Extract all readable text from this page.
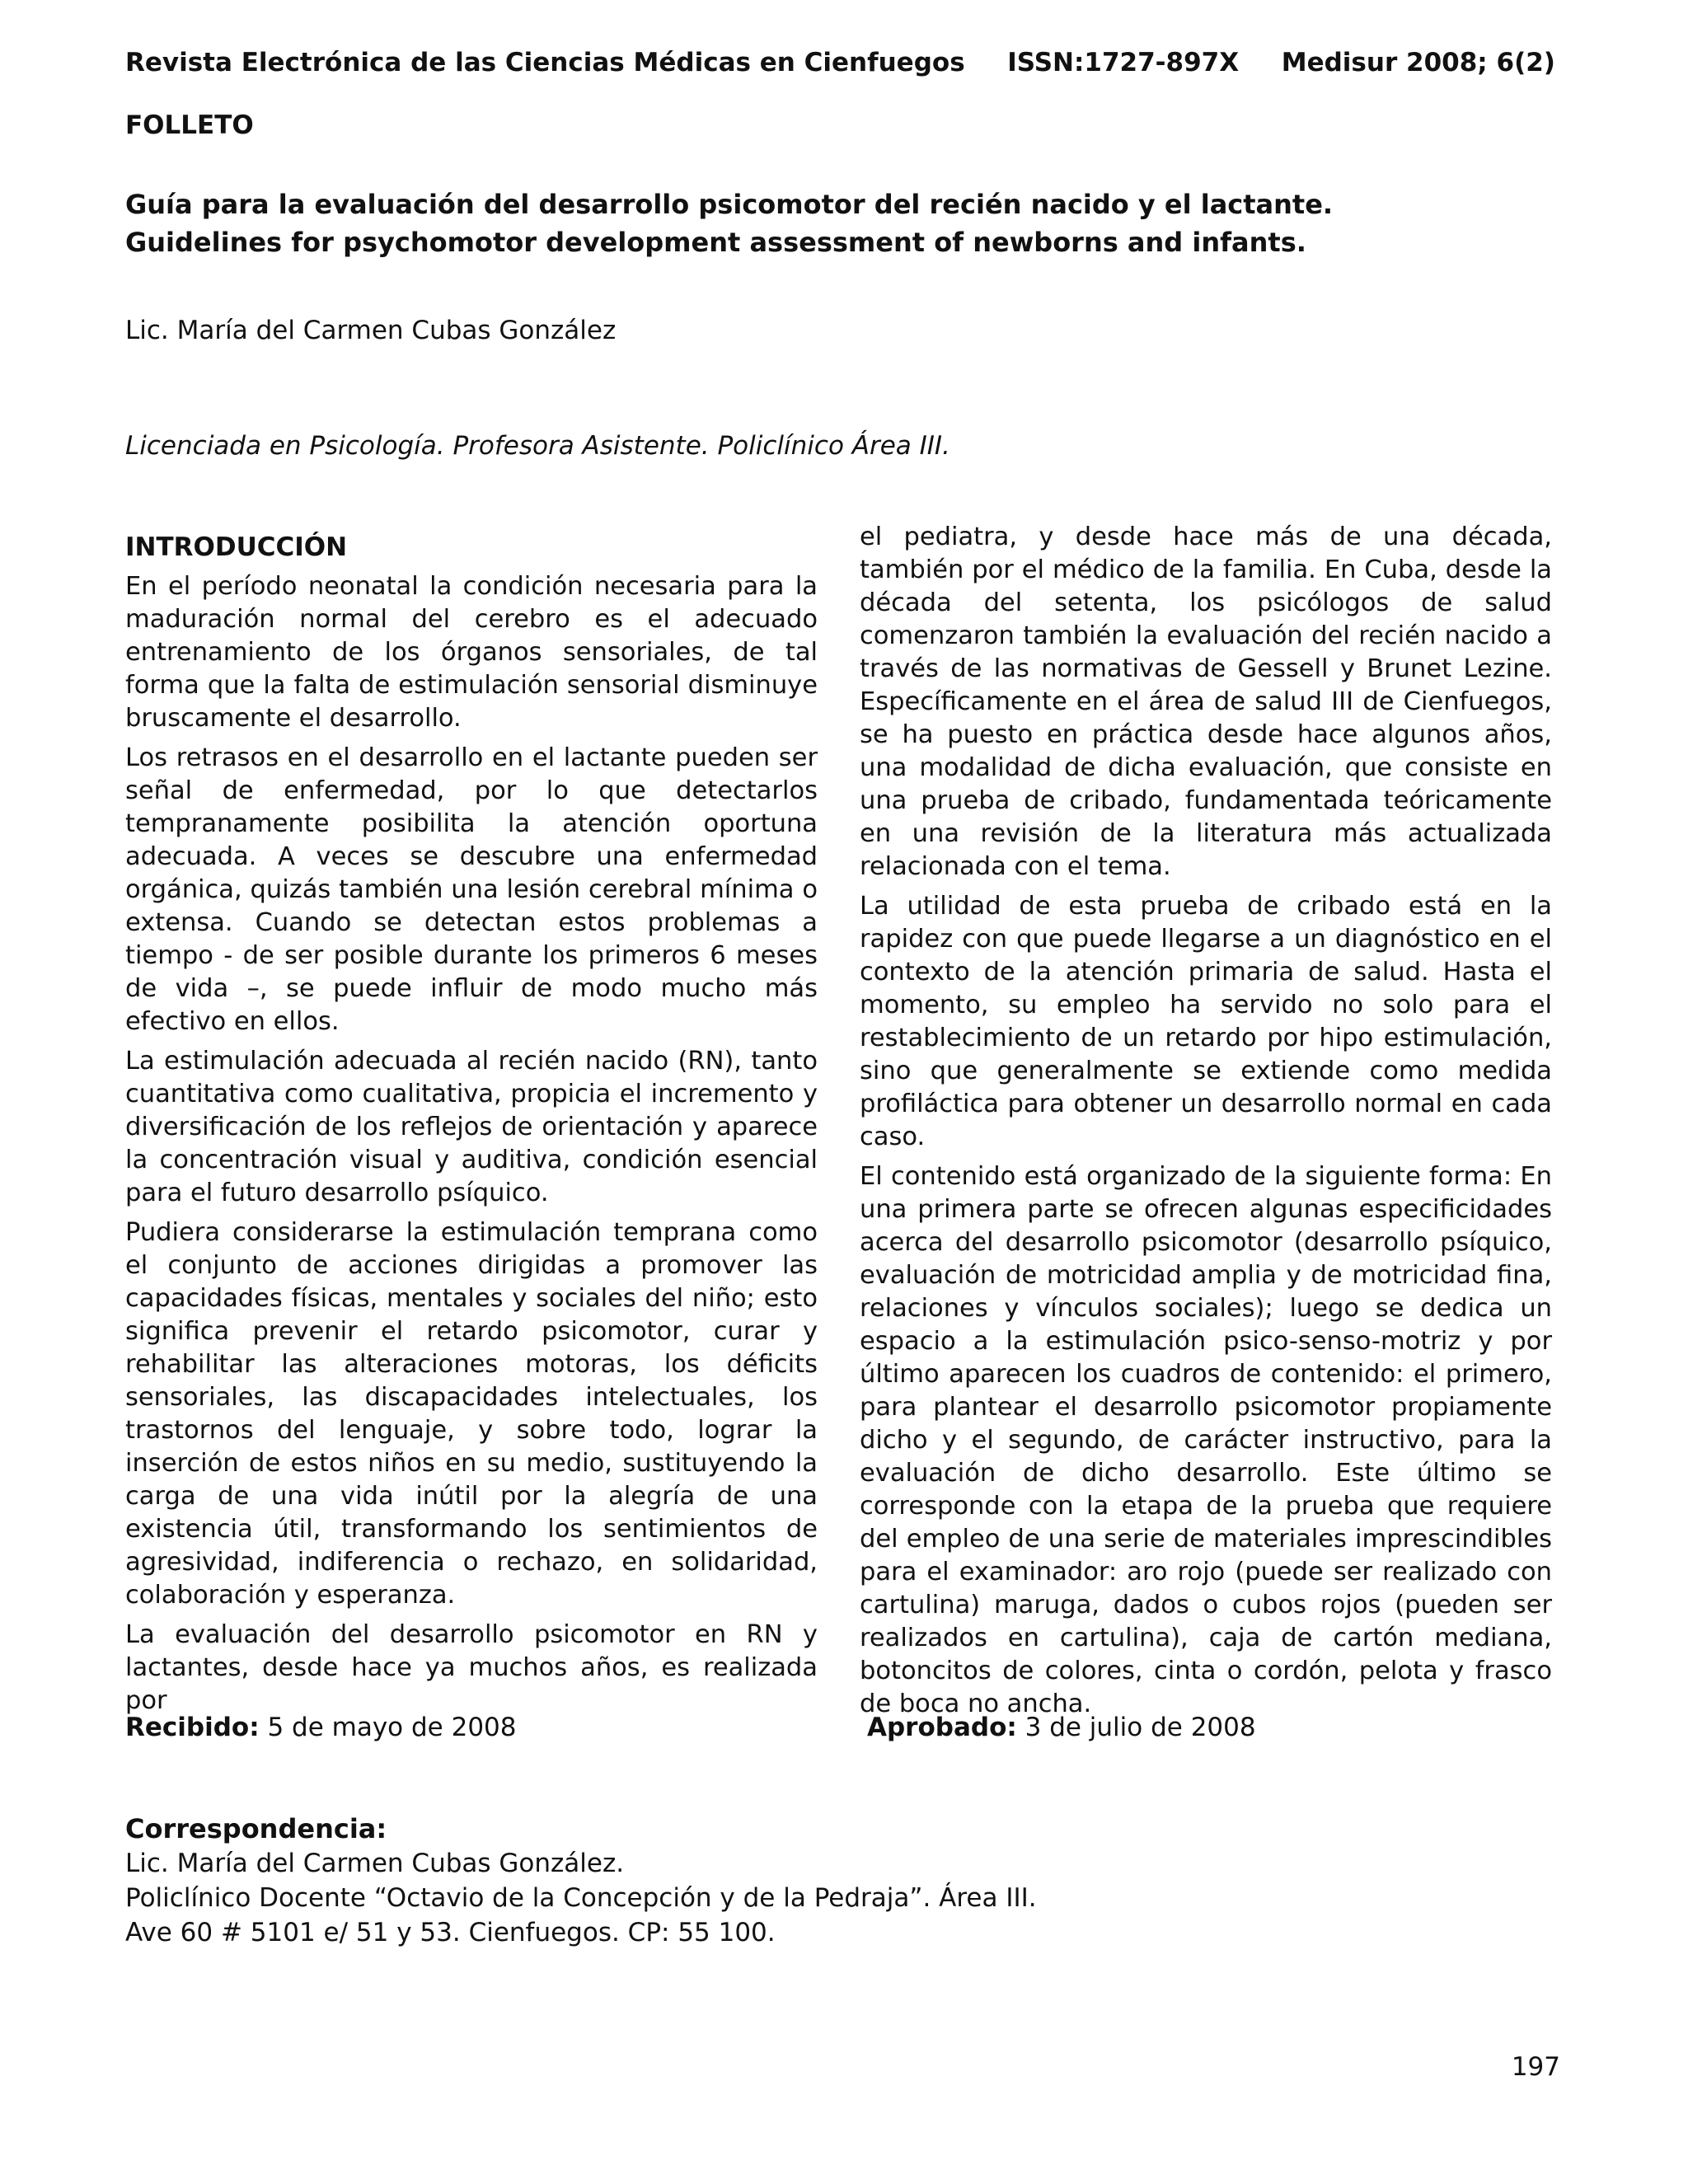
Revista Electrónica de las Ciencias Médicas en Cienfuegos ISSN:1727-897X Medisur 2008; 6(2)
FOLLETO
Guía para la evaluación del desarrollo psicomotor del recién nacido y el lactante.
Guidelines for psychomotor development assessment of newborns and infants.
Lic. María del Carmen Cubas González
Licenciada en Psicología. Profesora Asistente. Policlínico Área III.
INTRODUCCIÓN

En el período neonatal la condición necesaria para la maduración normal del cerebro es el adecuado entrenamiento de los órganos sensoriales, de tal forma que la falta de estimulación sensorial disminuye bruscamente el desarrollo.

Los retrasos en el desarrollo en el lactante pueden ser señal de enfermedad, por lo que detectarlos tempranamente posibilita la atención oportuna adecuada. A veces se descubre una enfermedad orgánica, quizás también una lesión cerebral mínima o extensa. Cuando se detectan estos problemas a tiempo - de ser posible durante los primeros 6 meses de vida –, se puede influir de modo mucho más efectivo en ellos.

La estimulación adecuada al recién nacido (RN), tanto cuantitativa como cualitativa, propicia el incremento y diversificación de los reflejos de orientación y aparece la concentración visual y auditiva, condición esencial para el futuro desarrollo psíquico.

Pudiera considerarse la estimulación temprana como el conjunto de acciones dirigidas a promover las capacidades físicas, mentales y sociales del niño; esto significa prevenir el retardo psicomotor, curar y rehabilitar las alteraciones motoras, los déficits sensoriales, las discapacidades intelectuales, los trastornos del lenguaje, y sobre todo, lograr la inserción de estos niños en su medio, sustituyendo la carga de una vida inútil por la alegría de una existencia útil, transformando los sentimientos de agresividad, indiferencia o rechazo, en solidaridad, colaboración y esperanza.

La evaluación del desarrollo psicomotor en RN y lactantes, desde hace ya muchos años, es realizada por

el pediatra, y desde hace más de una década, también por el médico de la familia. En Cuba, desde la década del setenta, los psicólogos de salud comenzaron también la evaluación del recién nacido a través de las normativas de Gessell y Brunet Lezine. Específicamente en el área de salud III de Cienfuegos, se ha puesto en práctica desde hace algunos años, una modalidad de dicha evaluación, que consiste en una prueba de cribado, fundamentada teóricamente en una revisión de la literatura más actualizada relacionada con el tema.

La utilidad de esta prueba de cribado está en la rapidez con que puede llegarse a un diagnóstico en el contexto de la atención primaria de salud. Hasta el momento, su empleo ha servido no solo para el restablecimiento de un retardo por hipo estimulación, sino que generalmente se extiende como medida profiláctica para obtener un desarrollo normal en cada caso.

El contenido está organizado de la siguiente forma: En una primera parte se ofrecen algunas especificidades acerca del desarrollo psicomotor (desarrollo psíquico, evaluación de motricidad amplia y de motricidad fina, relaciones y vínculos sociales); luego se dedica un espacio a la estimulación psico-senso-motriz y por último aparecen los cuadros de contenido: el primero, para plantear el desarrollo psicomotor propiamente dicho y el segundo, de carácter instructivo, para la evaluación de dicho desarrollo. Este último se corresponde con la etapa de la prueba que requiere del empleo de una serie de materiales imprescindibles para el examinador: aro rojo (puede ser realizado con cartulina) maruga, dados o cubos rojos (pueden ser realizados en cartulina), caja de cartón mediana, botoncitos de colores, cinta o cordón, pelota y frasco de boca no ancha.

Recibido: 5 de mayo de 2008	Aprobado: 3 de julio de 2008
Correspondencia:
Lic. María del Carmen Cubas González.
Policlínico Docente “Octavio de la Concepción y de la Pedraja”. Área III.
Ave 60 # 5101 e/ 51 y 53. Cienfuegos. CP: 55 100.
197
